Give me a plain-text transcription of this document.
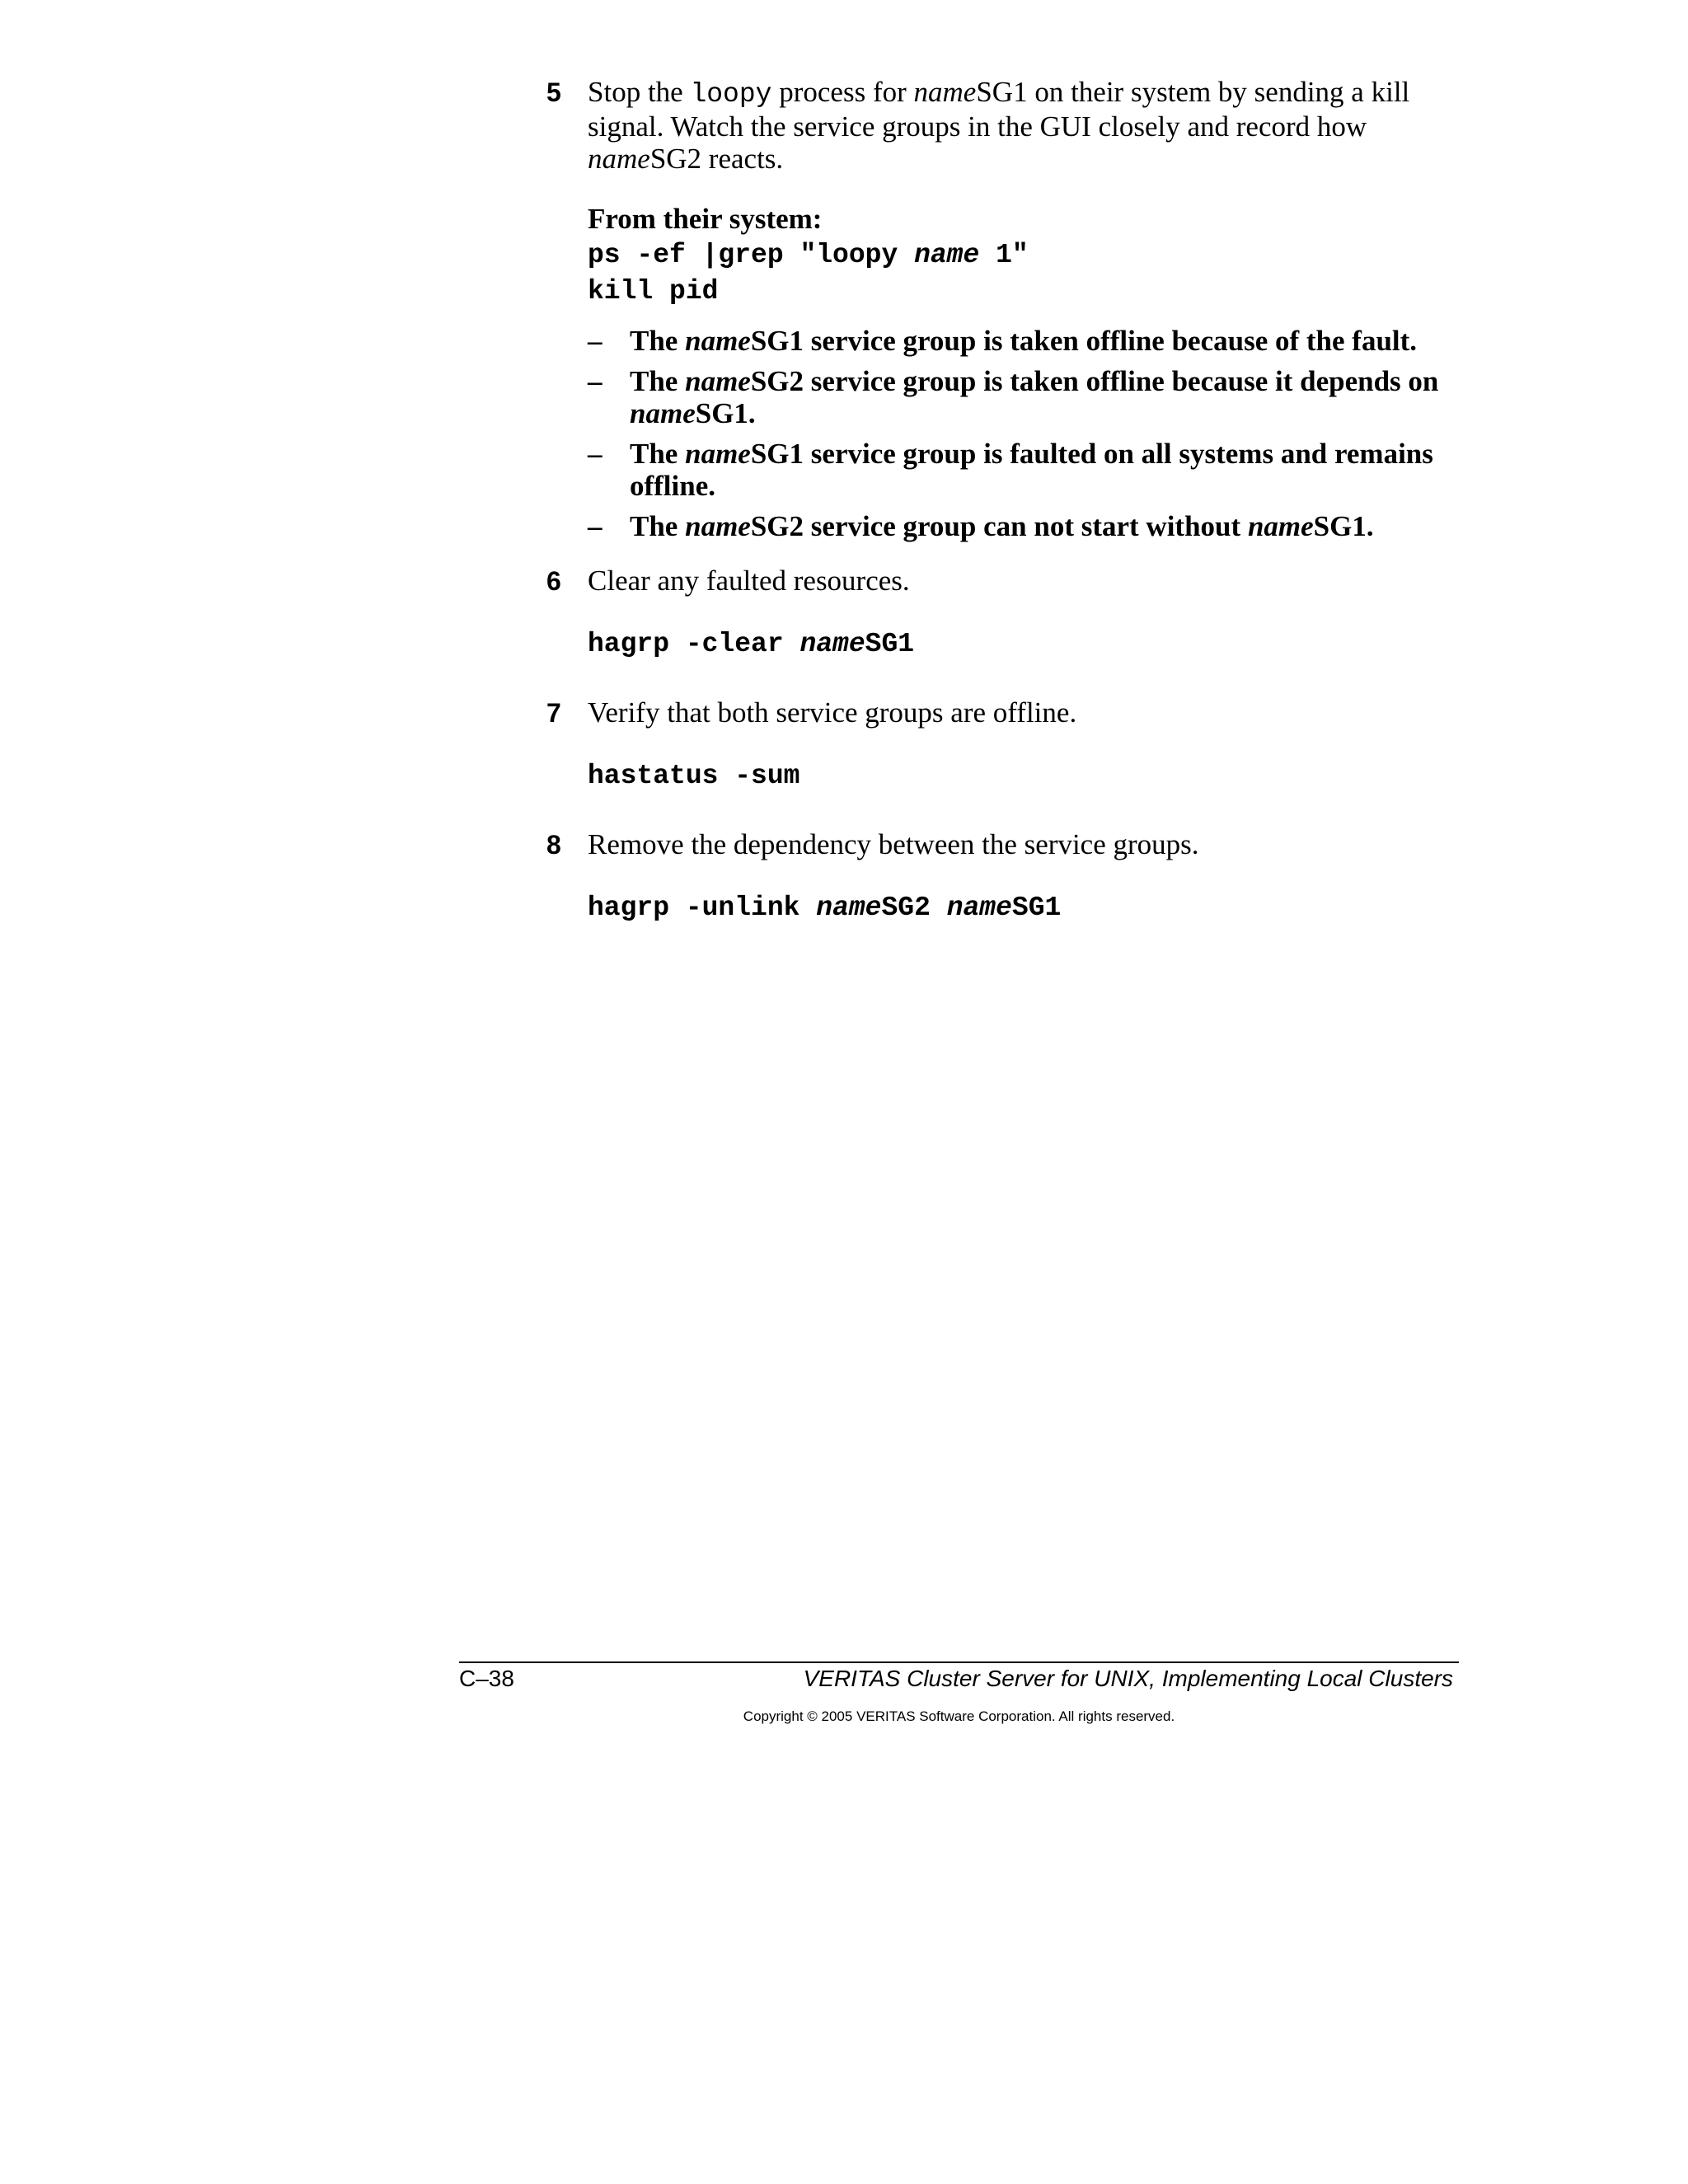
5 Stop the loopy process for nameSG1 on their system by sending a kill signal. Watch the service groups in the GUI closely and record how nameSG2 reacts.

From their system:

ps -ef |grep "loopy name 1"

kill pid

– The nameSG1 service group is taken offline because of the fault.
– The nameSG2 service group is taken offline because it depends on nameSG1.
– The nameSG1 service group is faulted on all systems and remains offline.
– The nameSG2 service group can not start without nameSG1.
6 Clear any faulted resources.

hagrp -clear nameSG1

7 Verify that both service groups are offline.

hastatus -sum

8 Remove the dependency between the service groups.

hagrp -unlink nameSG2 nameSG1

C–38	VERITAS Cluster Server for UNIX, Implementing Local Clusters
Copyright © 2005 VERITAS Software Corporation. All rights reserved.
